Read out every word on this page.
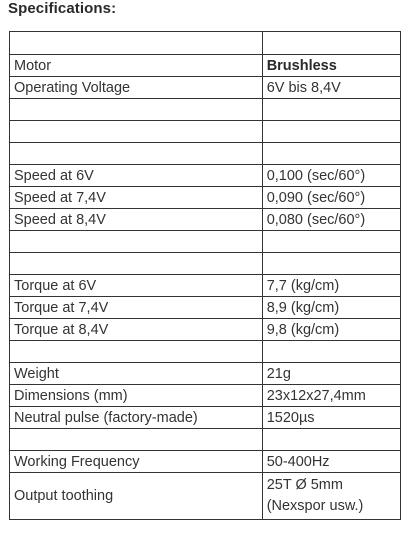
Specifications:

Motor	Brushless
Operating Voltage	6V bis 8,4V

Speed at 6V	0,100 (sec/60°)
Speed at 7,4V	0,090 (sec/60°)
Speed at 8,4V	0,080 (sec/60°)

Torque at 6V	7,7 (kg/cm)
Torque at 7,4V	8,9 (kg/cm)
Torque at 8,4V	9,8 (kg/cm)

Weight	21g
Dimensions (mm)	23x12x27,4mm
Neutral pulse (factory-made)	1520µs

Working Frequency	50-400Hz
Output toothing	25T Ø 5mm
(Nexspor usw.)
